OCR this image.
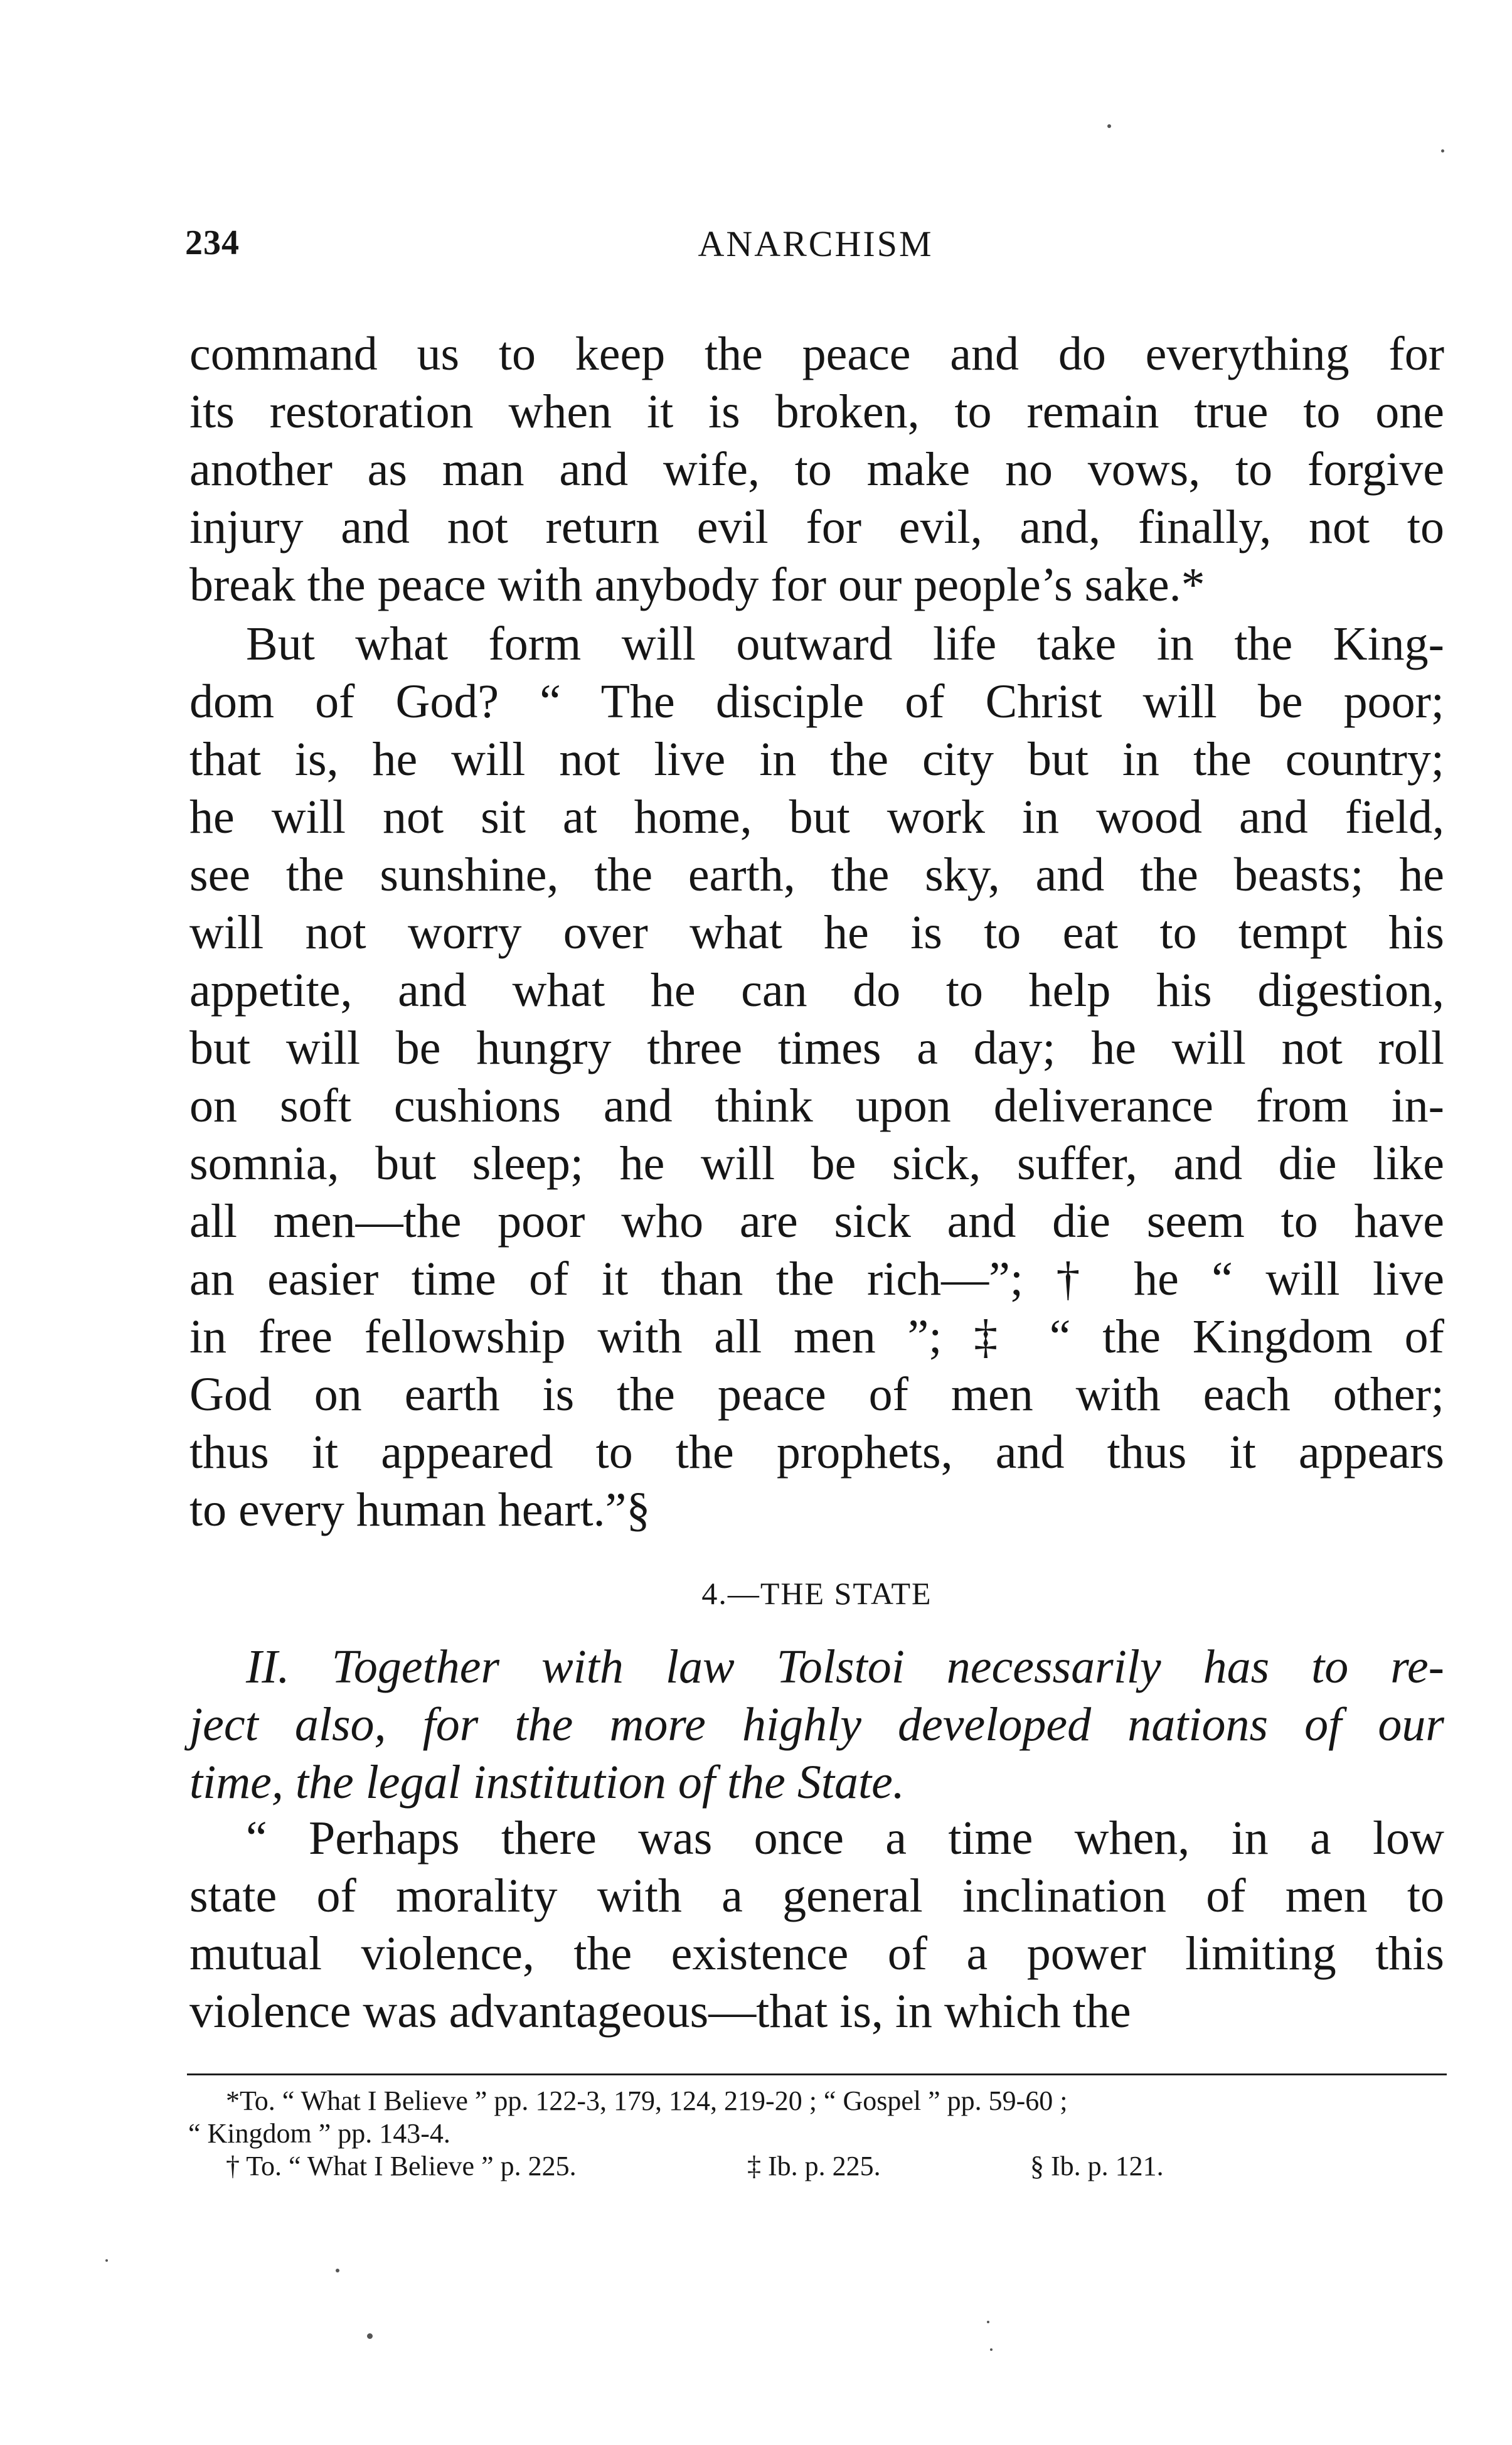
234	ANARCHISM
command us to keep the peace and do everything for
its restoration when it is broken, to remain true to one
another as man and wife, to make no vows, to forgive
injury and not return evil for evil, and, finally, not to
break the peace with anybody for our people’s sake.*
But what form will outward life take in the King-
dom of God? “ The disciple of Christ will be poor;
that is, he will not live in the city but in the country;
he will not sit at home, but work in wood and field,
see the sunshine, the earth, the sky, and the beasts; he
will not worry over what he is to eat to tempt his
appetite, and what he can do to help his digestion,
but will be hungry three times a day; he will not roll
on soft cushions and think upon deliverance from in-
somnia, but sleep; he will be sick, suffer, and die like
all men—the poor who are sick and die seem to have
an easier time of it than the rich—”; † he “ will live
in free fellowship with all men ”; ‡ “ the Kingdom of
God on earth is the peace of men with each other;
thus it appeared to the prophets, and thus it appears
to every human heart.”§
4.—THE STATE
II. Together with law Tolstoi necessarily has to re-
ject also, for the more highly developed nations of our
time, the legal institution of the State.
“ Perhaps there was once a time when, in a low
state of morality with a general inclination of men to
mutual violence, the existence of a power limiting this
violence was advantageous—that is, in which the
*To. “ What I Believe ” pp. 122-3, 179, 124, 219-20 ; “ Gospel ” pp. 59-60 ;
“ Kingdom ” pp. 143-4.
† To. “ What I Believe ” p. 225.	‡ Ib. p. 225.	§ Ib. p. 121.
